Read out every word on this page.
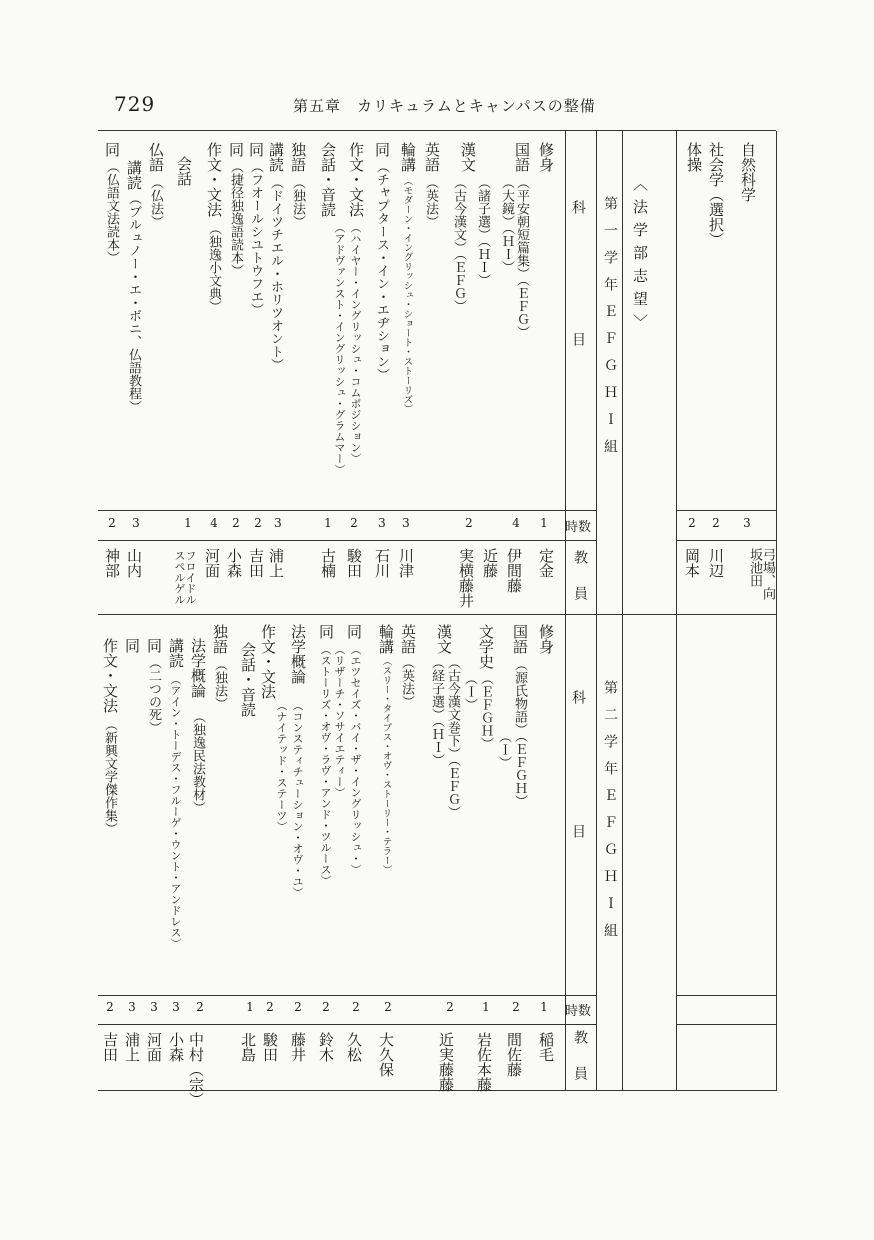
729	第五章　カリキュラムとキャンパスの整備
科目 第一学年ＥＦＧＨＩ組
時数
教員
科目 第二学年ＥＦＧＨＩ組
時数
教員
〈法学部志望〉
修身
1
定金
国語
（平安朝短篇集）（ＥＦＧ）
（大鏡）（ＨＩ）
4
伊間藤
漢文
（諸子選）（ＨＩ）
近藤
（古今漢文）（ＥＦＧ）
2
実横藤井
英語
（英法）
輪講
（モダーン・イングリッシュ・ショート・ストーリズ）
3
川津
同
（チャプタース・イン・エヂション）
3
石川
作文・文法
（ハイヤー・イングリッシュ・コムポジション）
2
駿田
（アドヴァンスト・イングリッシュ・グラムマー）
会話・音読
1
古楠
独語
（独法）
講読
（ドイツチエル・ホリツオント）
3
浦上
同
（フオールシユトウフエ）
2
吉田
同
（捷径独逸語読本）
2
小森
作文・文法
（独逸小文典）
4
河面
会話
1
フロイドルスペルゲル
仏語
（仏法）
講読
（ブルュノー・エ・ボニ、仏語教程）
3
山内
同
（仏語文法読本）
2
神部
修身
1
稲毛
国語
（源氏物語）（ＥＦＧＨ）
（Ｉ）
2
間佐藤
文学史
（ＥＦＧＨ）
（Ｉ）
1
岩佐本藤
漢文
（古今漢文巻下）（ＥＦＧ）
（経子選）（ＨＩ）
2
近実藤藤
英語
（英法）
輪講
（スリー・タイプス・オヴ・ストーリー・テラー）
2
大久保
同
（エツセイズ・バイ・ザ・イングリッシュ・）
2
久松
（リザーチ・ソサイエティー）
同
（ストーリズ・オヴ・ラヴ・アンド・ツルース）
2
鈴木
法学概論
（コンスティチューション・オヴ・ユ）
2
藤井
（ナイテッド・ステーツ）
作文・文法
2
駿田
会話・音読
1
北島
独語
（独法）
法学概論
（独逸民法教材）
2
中村（宗）
講読
（アイン・トーデス・フルーゲ・ウント・アンドレス）
3
小森
同
（二つの死）
3
河面
同
3
浦上
作文・文法
（新興文学傑作集）
2
吉田
自然科学
3
弓場、向坂池田
社会学（選択）
2
川辺
体操
2
岡本
